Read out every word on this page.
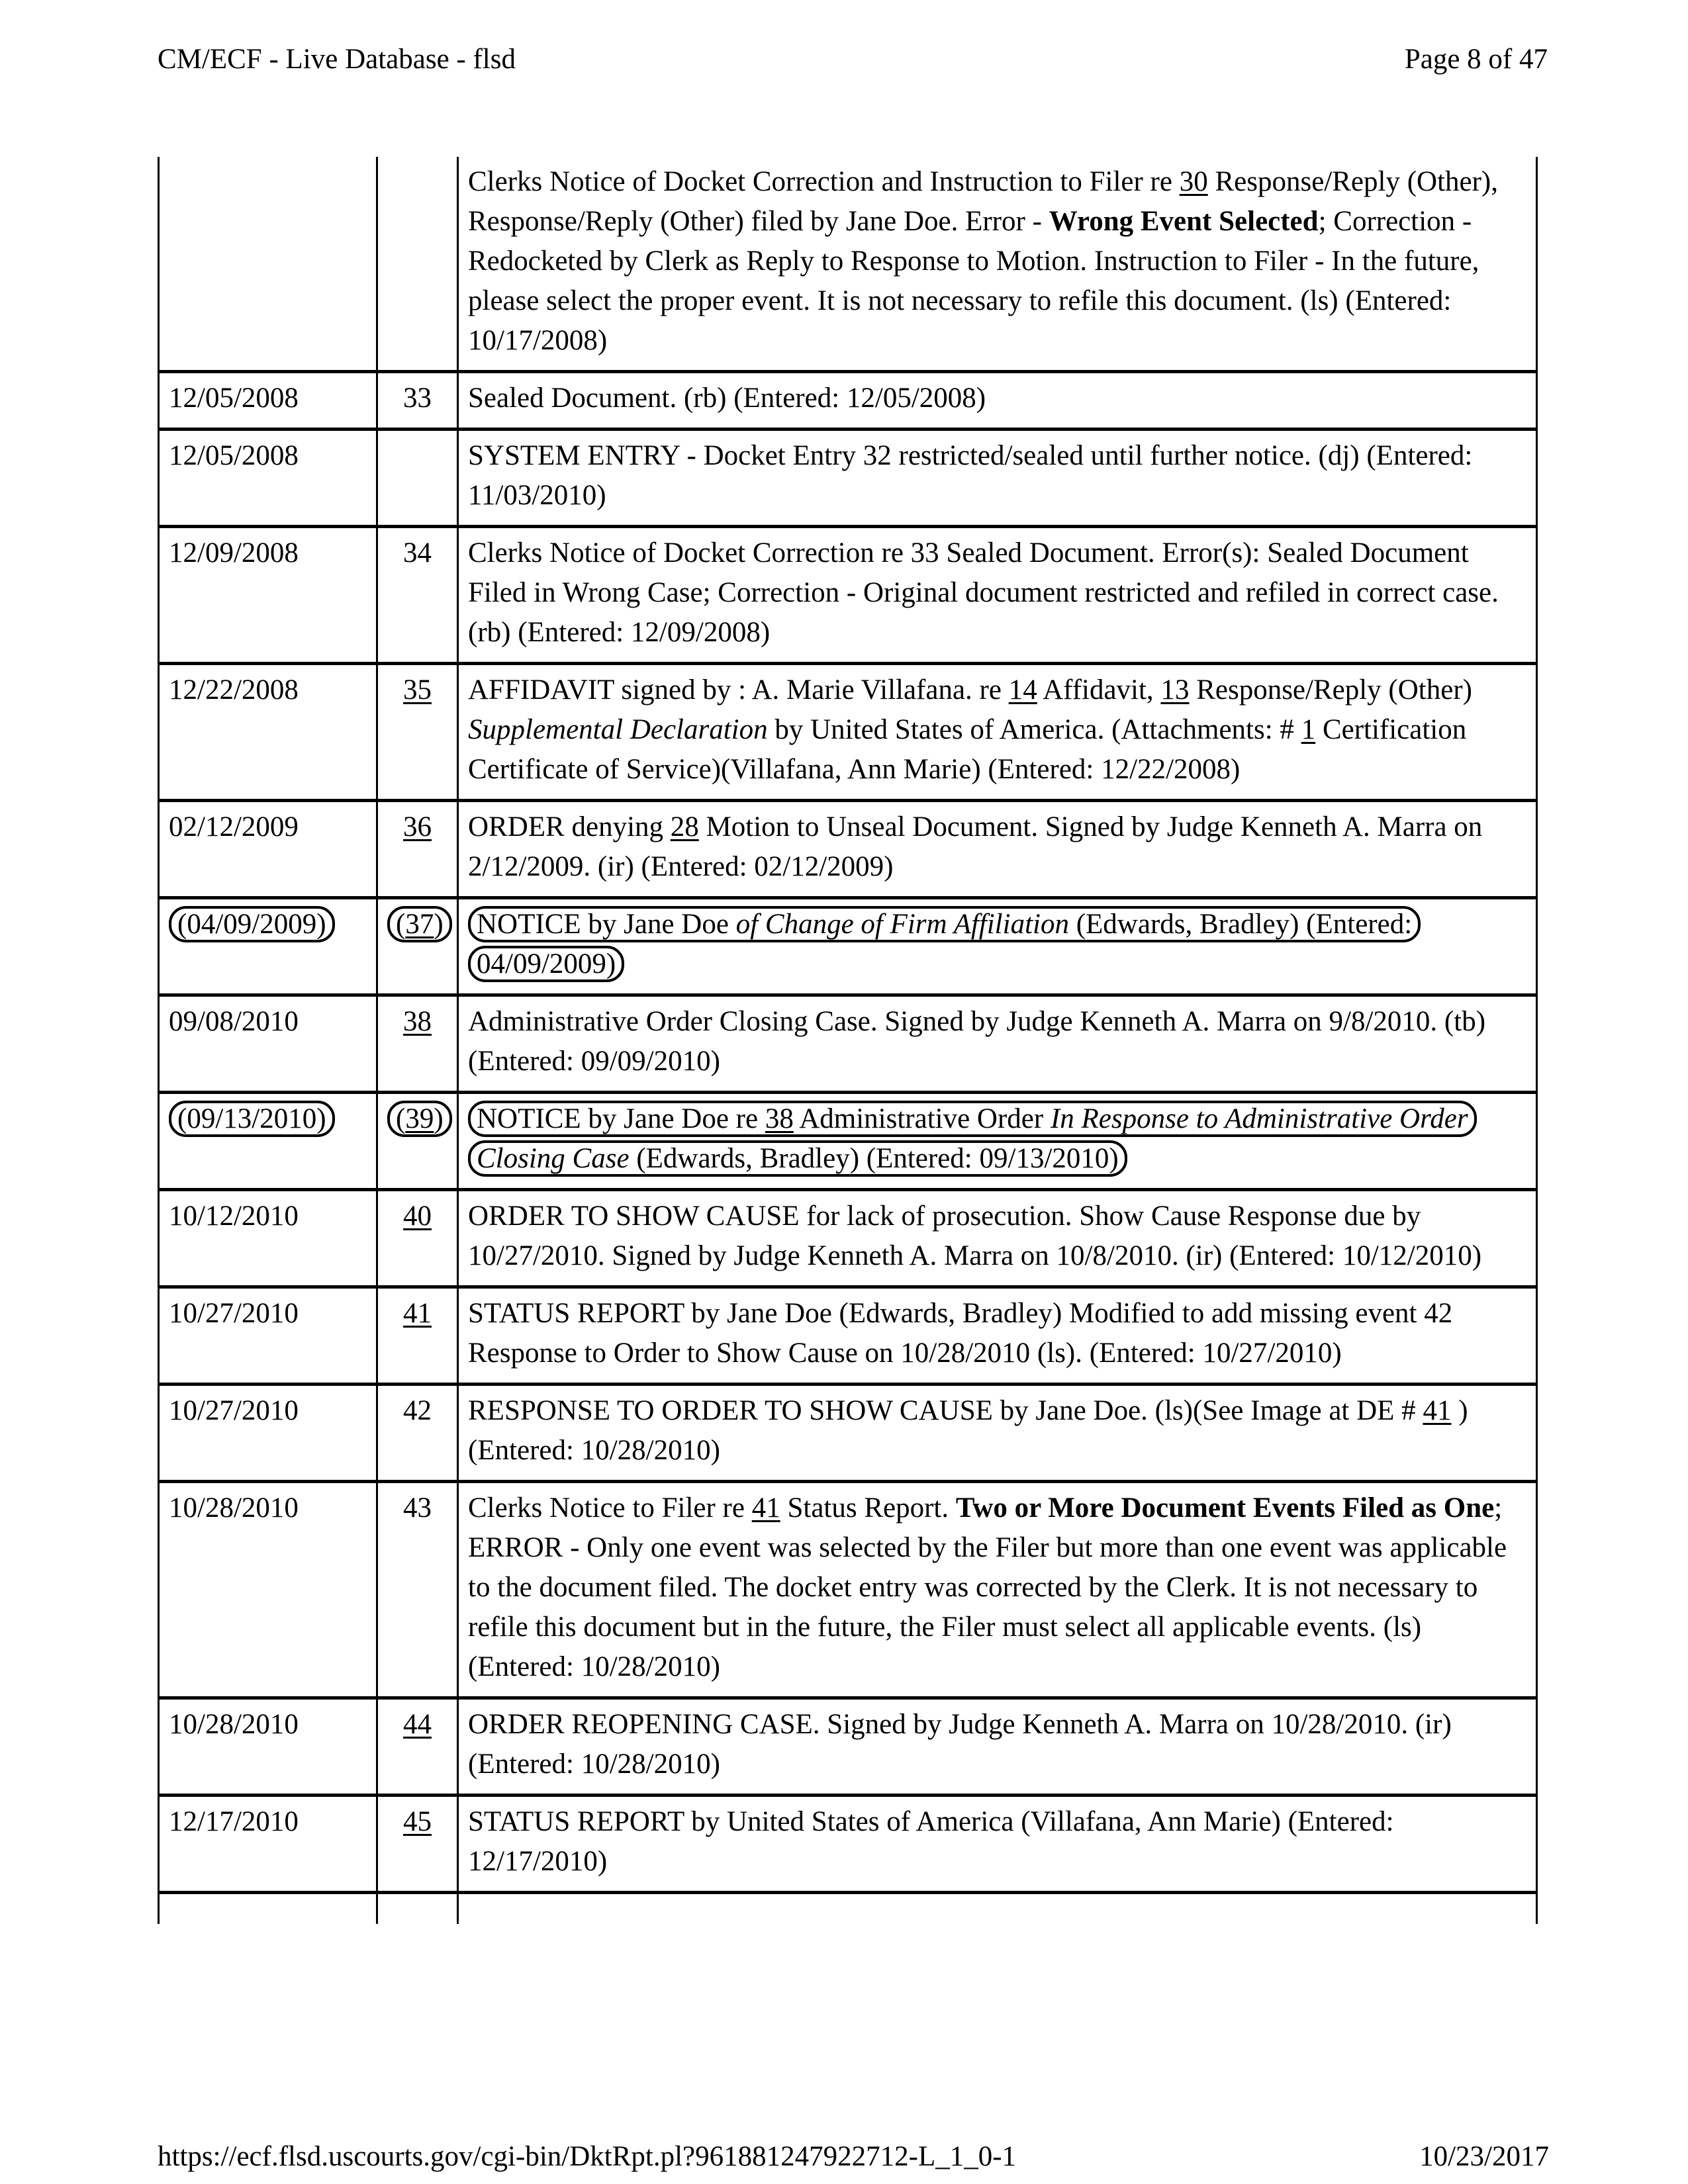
CM/ECF - Live Database - flsd	Page 8 of 47
		Clerks Notice of Docket Correction and Instruction to Filer re 30 Response/Reply (Other), Response/Reply (Other) filed by Jane Doe. Error - Wrong Event Selected; Correction - Redocketed by Clerk as Reply to Response to Motion. Instruction to Filer - In the future, please select the proper event. It is not necessary to refile this document. (ls) (Entered: 10/17/2008)
12/05/2008	33	Sealed Document. (rb) (Entered: 12/05/2008)
12/05/2008		SYSTEM ENTRY - Docket Entry 32 restricted/sealed until further notice. (dj) (Entered: 11/03/2010)
12/09/2008	34	Clerks Notice of Docket Correction re 33 Sealed Document. Error(s): Sealed Document Filed in Wrong Case; Correction - Original document restricted and refiled in correct case. (rb) (Entered: 12/09/2008)
12/22/2008	35	AFFIDAVIT signed by : A. Marie Villafana. re 14 Affidavit, 13 Response/Reply (Other) Supplemental Declaration by United States of America. (Attachments: # 1 Certification Certificate of Service)(Villafana, Ann Marie) (Entered: 12/22/2008)
02/12/2009	36	ORDER denying 28 Motion to Unseal Document. Signed by Judge Kenneth A. Marra on 2/12/2009. (ir) (Entered: 02/12/2009)
(04/09/2009)	(37)	NOTICE by Jane Doe of Change of Firm Affiliation (Edwards, Bradley) (Entered: 04/09/2009)
09/08/2010	38	Administrative Order Closing Case. Signed by Judge Kenneth A. Marra on 9/8/2010. (tb) (Entered: 09/09/2010)
(09/13/2010)	(39)	NOTICE by Jane Doe re 38 Administrative Order In Response to Administrative Order Closing Case (Edwards, Bradley) (Entered: 09/13/2010)
10/12/2010	40	ORDER TO SHOW CAUSE for lack of prosecution. Show Cause Response due by 10/27/2010. Signed by Judge Kenneth A. Marra on 10/8/2010. (ir) (Entered: 10/12/2010)
10/27/2010	41	STATUS REPORT by Jane Doe (Edwards, Bradley) Modified to add missing event 42 Response to Order to Show Cause on 10/28/2010 (ls). (Entered: 10/27/2010)
10/27/2010	42	RESPONSE TO ORDER TO SHOW CAUSE by Jane Doe. (ls)(See Image at DE # 41 ) (Entered: 10/28/2010)
10/28/2010	43	Clerks Notice to Filer re 41 Status Report. Two or More Document Events Filed as One; ERROR - Only one event was selected by the Filer but more than one event was applicable to the document filed. The docket entry was corrected by the Clerk. It is not necessary to refile this document but in the future, the Filer must select all applicable events. (ls) (Entered: 10/28/2010)
10/28/2010	44	ORDER REOPENING CASE. Signed by Judge Kenneth A. Marra on 10/28/2010. (ir) (Entered: 10/28/2010)
12/17/2010	45	STATUS REPORT by United States of America (Villafana, Ann Marie) (Entered: 12/17/2010)

https://ecf.flsd.uscourts.gov/cgi-bin/DktRpt.pl?961881247922712-L_1_0-1	10/23/2017
